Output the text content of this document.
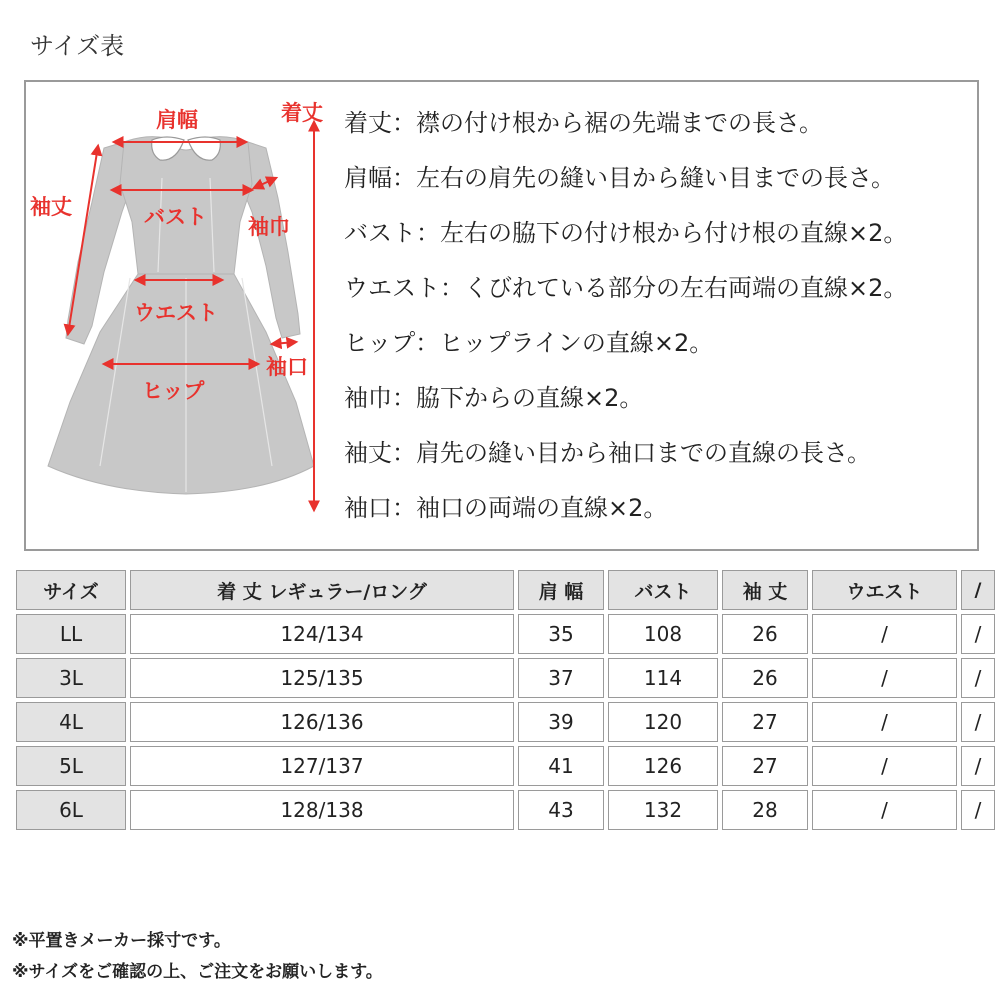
サイズ表
着丈
肩幅
袖丈	バスト 袖巾
ウエスト
袖口
ヒップ
着丈：襟の付け根から裾の先端までの長さ。
肩幅：左右の肩先の縫い目から縫い目までの長さ。
バスト：左右の脇下の付け根から付け根の直線×2。
ウエスト：くびれている部分の左右両端の直線×2。
ヒップ：ヒップラインの直線×2。
袖巾：脇下からの直線×2。
袖丈：肩先の縫い目から袖口までの直線の長さ。
袖口：袖口の両端の直線×2。
サイズ	着 丈 レギュラー/ロング	肩 幅	バスト	袖 丈	ウエスト	/
LL	124/134	35	108	26	/	/
3L	125/135	37	114	26	/	/
4L	126/136	39	120	27	/	/
5L	127/137	41	126	27	/	/
6L	128/138	43	132	28	/	/
※平置きメーカー採寸です。
※サイズをご確認の上、ご注文をお願いします。
